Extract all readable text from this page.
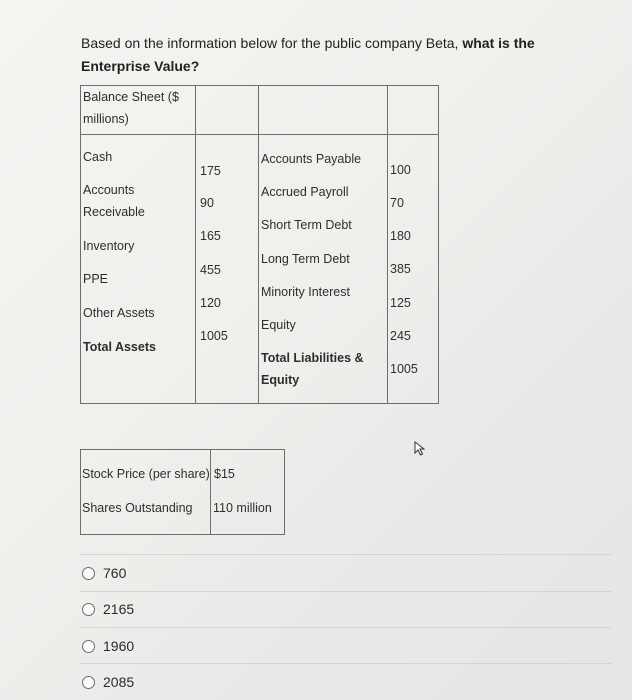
Based on the information below for the public company Beta, what is the
Enterprise Value?
Balance Sheet ($
millions)
Cash
Accounts
Receivable
Inventory
PPE
Other Assets
Total Assets
175
90
165
455
120
1005
Accounts Payable
Accrued Payroll
Short Term Debt
Long Term Debt
Minority Interest
Equity
Total Liabilities &
Equity
100
70
180
385
125
245
1005
Stock Price (per share) $15
Shares Outstanding 110 million
760
2165
1960
2085
